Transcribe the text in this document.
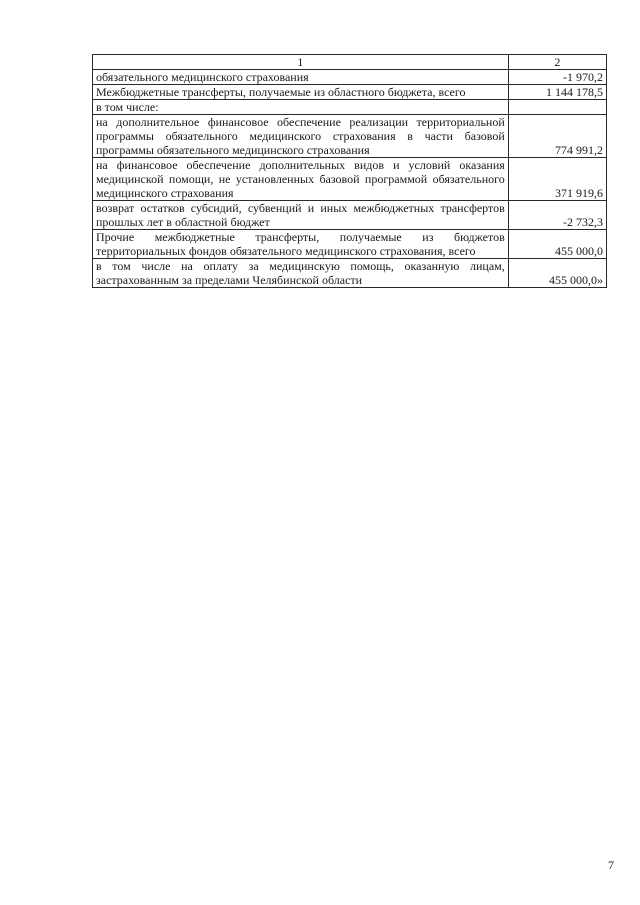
1	2
обязательного медицинского страхования	-1 970,2
Межбюджетные трансферты, получаемые из областного бюджета, всего	1 144 178,5
в том числе:	
на дополнительное финансовое обеспечение реализации территориальной программы обязательного медицинского страхования в части базовой программы обязательного медицинского страхования	774 991,2
на финансовое обеспечение дополнительных видов и условий оказания медицинской помощи, не установленных базовой программой обязательного медицинского страхования	371 919,6
возврат остатков субсидий, субвенций и иных межбюджетных трансфертов прошлых лет в областной бюджет	-2 732,3
Прочие межбюджетные трансферты, получаемые из бюджетов территориальных фондов обязательного медицинского страхования, всего	455 000,0
в том числе на оплату за медицинскую помощь, оказанную лицам, застрахованным за пределами Челябинской области	455 000,0»
7
